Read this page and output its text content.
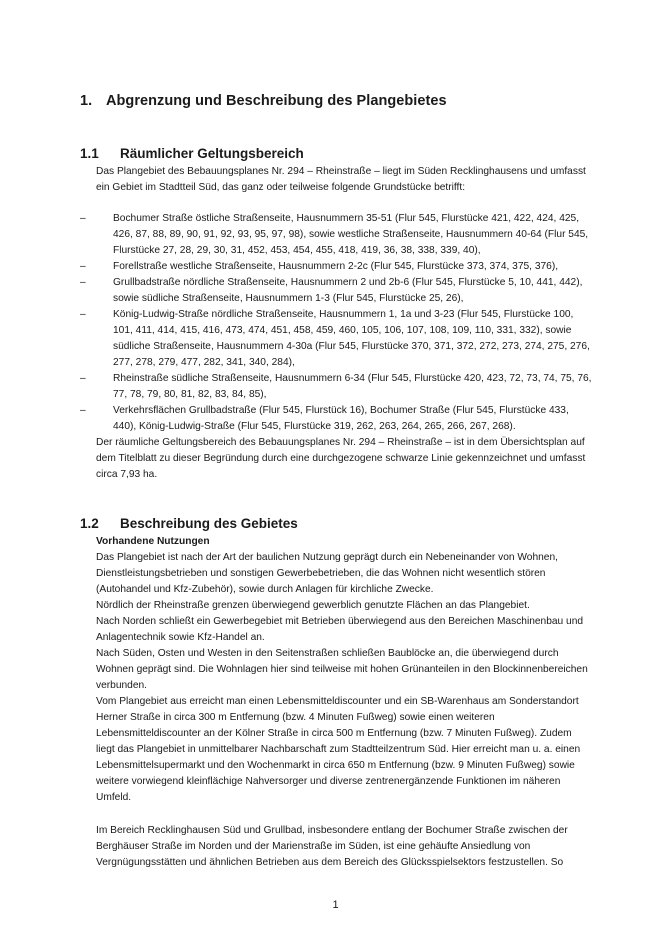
1. Abgrenzung und Beschreibung des Plangebietes
1.1 Räumlicher Geltungsbereich
Das Plangebiet des Bebauungsplanes Nr. 294 – Rheinstraße – liegt im Süden Recklinghausens und umfasst
ein Gebiet im Stadtteil Süd, das ganz oder teilweise folgende Grundstücke betrifft:
–	Bochumer Straße östliche Straßenseite, Hausnummern 35-51 (Flur 545, Flurstücke 421, 422, 424, 425,
426, 87, 88, 89, 90, 91, 92, 93, 95, 97, 98), sowie westliche Straßenseite, Hausnummern 40-64 (Flur 545,
Flurstücke 27, 28, 29, 30, 31, 452, 453, 454, 455, 418, 419, 36, 38, 338, 339, 40),
–	Forellstraße westliche Straßenseite, Hausnummern 2-2c (Flur 545, Flurstücke 373, 374, 375, 376),
–	Grullbadstraße nördliche Straßenseite, Hausnummern 2 und 2b-6 (Flur 545, Flurstücke 5, 10, 441, 442),
sowie südliche Straßenseite, Hausnummern 1-3 (Flur 545, Flurstücke 25, 26),
–	König-Ludwig-Straße nördliche Straßenseite, Hausnummern 1, 1a und 3-23 (Flur 545, Flurstücke 100,
101, 411, 414, 415, 416, 473, 474, 451, 458, 459, 460, 105, 106, 107, 108, 109, 110, 331, 332), sowie
südliche Straßenseite, Hausnummern 4-30a (Flur 545, Flurstücke 370, 371, 372, 272, 273, 274, 275, 276,
277, 278, 279, 477, 282, 341, 340, 284),
–	Rheinstraße südliche Straßenseite, Hausnummern 6-34 (Flur 545, Flurstücke 420, 423, 72, 73, 74, 75, 76,
77, 78, 79, 80, 81, 82, 83, 84, 85),
–	Verkehrsflächen Grullbadstraße (Flur 545, Flurstück 16), Bochumer Straße (Flur 545, Flurstücke 433,
440), König-Ludwig-Straße (Flur 545, Flurstücke 319, 262, 263, 264, 265, 266, 267, 268).
Der räumliche Geltungsbereich des Bebauungsplanes Nr. 294 – Rheinstraße – ist in dem Übersichtsplan auf
dem Titelblatt zu dieser Begründung durch eine durchgezogene schwarze Linie gekennzeichnet und umfasst
circa 7,93 ha.
1.2 Beschreibung des Gebietes
Vorhandene Nutzungen
Das Plangebiet ist nach der Art der baulichen Nutzung geprägt durch ein Nebeneinander von Wohnen,
Dienstleistungsbetrieben und sonstigen Gewerbebetrieben, die das Wohnen nicht wesentlich stören
(Autohandel und Kfz-Zubehör), sowie durch Anlagen für kirchliche Zwecke.
Nördlich der Rheinstraße grenzen überwiegend gewerblich genutzte Flächen an das Plangebiet.
Nach Norden schließt ein Gewerbegebiet mit Betrieben überwiegend aus den Bereichen Maschinenbau und
Anlagentechnik sowie Kfz-Handel an.
Nach Süden, Osten und Westen in den Seitenstraßen schließen Baublöcke an, die überwiegend durch
Wohnen geprägt sind. Die Wohnlagen hier sind teilweise mit hohen Grünanteilen in den Blockinnenbereichen
verbunden.
Vom Plangebiet aus erreicht man einen Lebensmitteldiscounter und ein SB-Warenhaus am Sonderstandort
Herner Straße in circa 300 m Entfernung (bzw. 4 Minuten Fußweg) sowie einen weiteren
Lebensmitteldiscounter an der Kölner Straße in circa 500 m Entfernung (bzw. 7 Minuten Fußweg). Zudem
liegt das Plangebiet in unmittelbarer Nachbarschaft zum Stadtteilzentrum Süd. Hier erreicht man u. a. einen
Lebensmittelsupermarkt und den Wochenmarkt in circa 650 m Entfernung (bzw. 9 Minuten Fußweg) sowie
weitere vorwiegend kleinflächige Nahversorger und diverse zentrenergänzende Funktionen im näheren
Umfeld.
Im Bereich Recklinghausen Süd und Grullbad, insbesondere entlang der Bochumer Straße zwischen der
Berghäuser Straße im Norden und der Marienstraße im Süden, ist eine gehäufte Ansiedlung von
Vergnügungsstätten und ähnlichen Betrieben aus dem Bereich des Glücksspielsektors festzustellen. So
1
